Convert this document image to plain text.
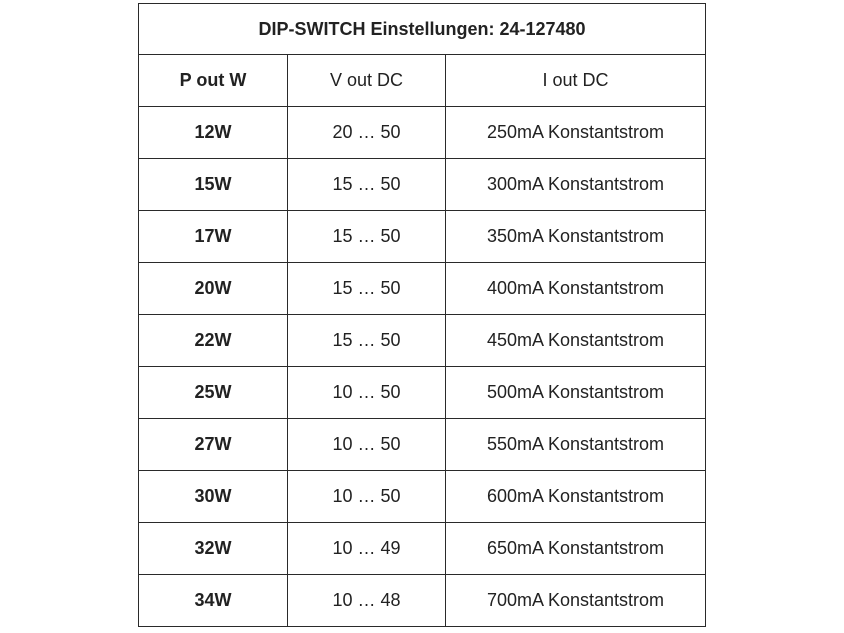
DIP-SWITCH Einstellungen: 24-127480		
P out W	V out DC	I out DC
12W	20 … 50	250mA Konstantstrom
15W	15 … 50	300mA Konstantstrom
17W	15 … 50	350mA Konstantstrom
20W	15 … 50	400mA Konstantstrom
22W	15 … 50	450mA Konstantstrom
25W	10 … 50	500mA Konstantstrom
27W	10 … 50	550mA Konstantstrom
30W	10 … 50	600mA Konstantstrom
32W	10 … 49	650mA Konstantstrom
34W	10 … 48	700mA Konstantstrom
